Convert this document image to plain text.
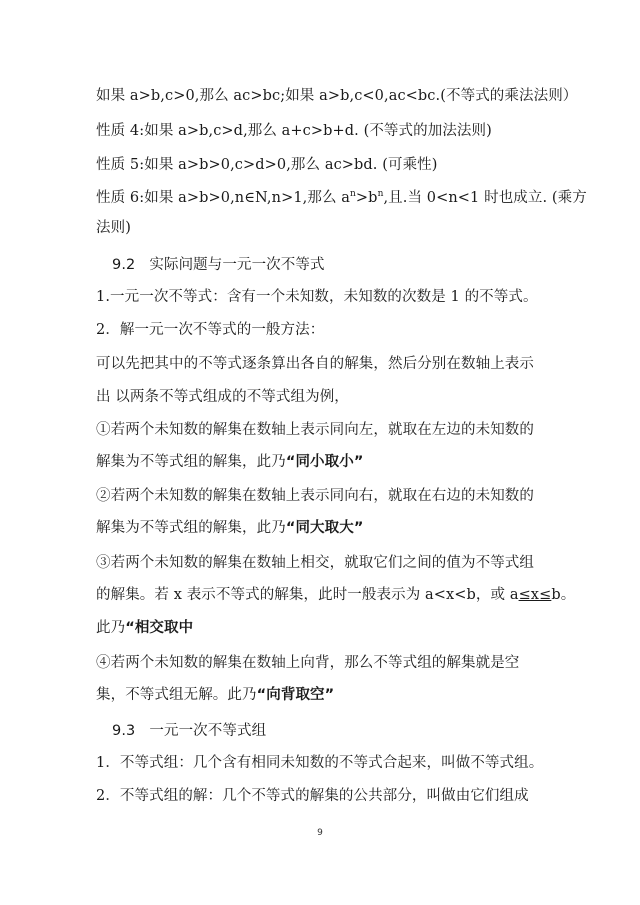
如果 a>b,c>0,那么 ac>bc;如果 a>b,c<0,ac<bc.(不等式的乘法法则）
性质 4:如果 a>b,c>d,那么 a+c>b+d. (不等式的加法法则)
性质 5:如果 a>b>0,c>d>0,那么 ac>bd. (可乘性)
性质 6:如果 a>b>0,n∈N,n>1,那么 $a^n>b^n$,且.当 0<n<1 时也成立. (乘方
法则)
9.2 实际问题与一元一次不等式
1.一元一次不等式：含有一个未知数，未知数的次数是 1 的不等式。
2．解一元一次不等式的一般方法：
可以先把其中的不等式逐条算出各自的解集，然后分别在数轴上表示
出 以两条不等式组成的不等式组为例，
①若两个未知数的解集在数轴上表示同向左，就取在左边的未知数的
解集为不等式组的解集，此乃“同小取小”
②若两个未知数的解集在数轴上表示同向右，就取在右边的未知数的
解集为不等式组的解集，此乃“同大取大”
③若两个未知数的解集在数轴上相交，就取它们之间的值为不等式组
的解集。若 x 表示不等式的解集，此时一般表示为 a<x<b，或 a≤x≤b。
此乃“相交取中
④若两个未知数的解集在数轴上向背，那么不等式组的解集就是空
集，不等式组无解。此乃“向背取空”
9.3 一元一次不等式组
1．不等式组：几个含有相同未知数的不等式合起来，叫做不等式组。
2．不等式组的解：几个不等式的解集的公共部分，叫做由它们组成
9
